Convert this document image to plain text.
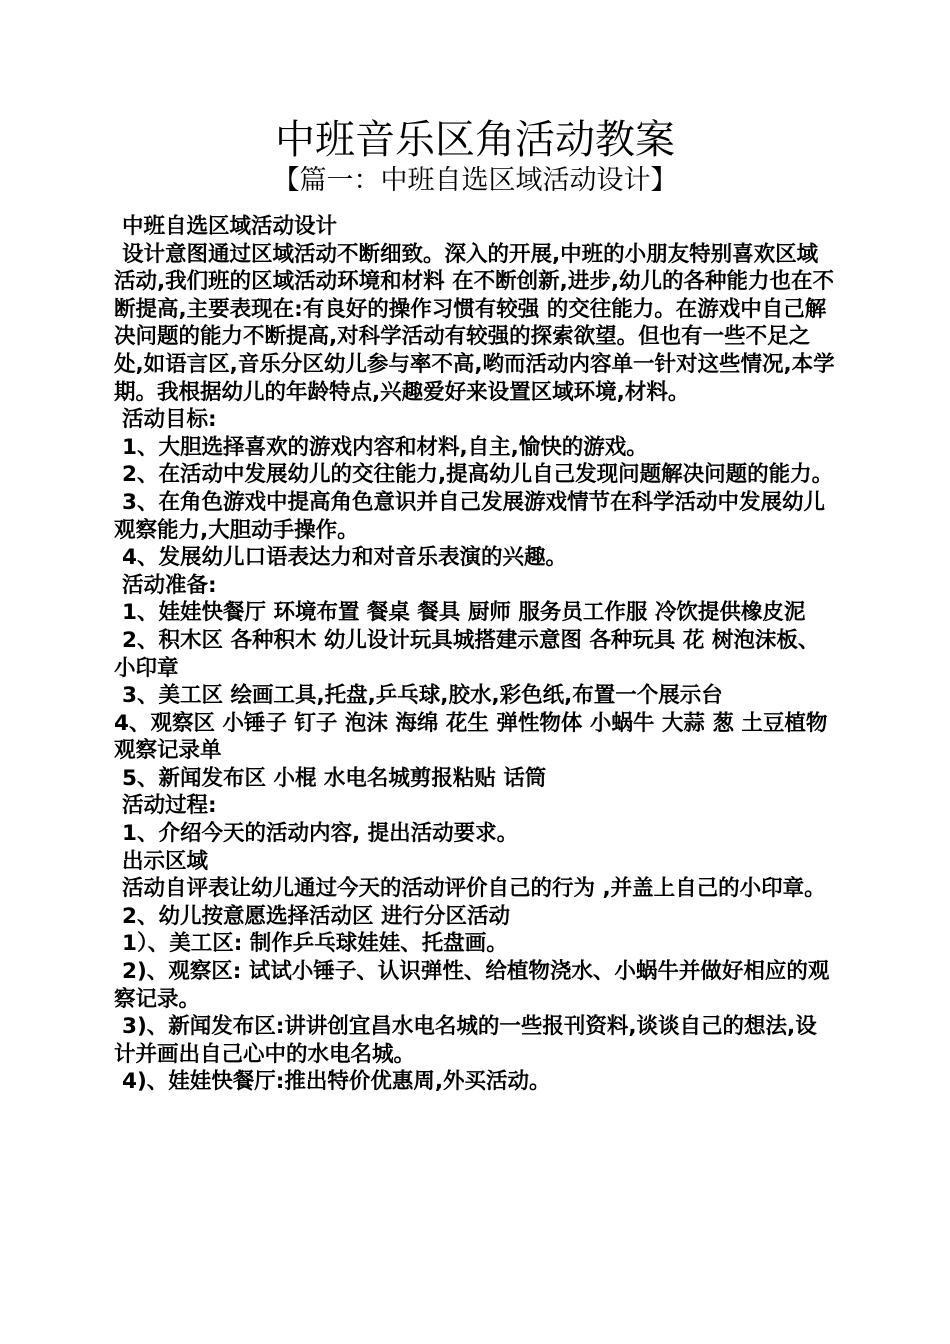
中班音乐区角活动教案
【篇一：中班自选区域活动设计】

中班自选区域活动设计

设计意图通过区域活动不断细致。深入的开展,中班的小朋友特别喜欢区域活动,我们班的区域活动环境和材料 在不断创新,进步,幼儿的各种能力也在不断提高,主要表现在:有良好的操作习惯有较强 的交往能力。在游戏中自己解决问题的能力不断提高,对科学活动有较强的探索欲望。但也有一些不足之处,如语言区,音乐分区幼儿参与率不高,哟而活动内容单一针对这些情况,本学期。我根据幼儿的年龄特点,兴趣爱好来设置区域环境,材料。

活动目标:

1、大胆选择喜欢的游戏内容和材料,自主,愉快的游戏。

2、在活动中发展幼儿的交往能力,提高幼儿自己发现问题解决问题的能力。

3、在角色游戏中提高角色意识并自己发展游戏情节在科学活动中发展幼儿观察能力,大胆动手操作。

4、发展幼儿口语表达力和对音乐表演的兴趣。

活动准备:

1、娃娃快餐厅 环境布置 餐桌 餐具 厨师 服务员工作服 冷饮提供橡皮泥

2、积木区 各种积木 幼儿设计玩具城搭建示意图 各种玩具 花 树泡沫板、小印章

3、美工区 绘画工具,托盘,乒乓球,胶水,彩色纸,布置一个展示台

4、观察区 小锤子 钉子 泡沫 海绵 花生 弹性物体 小蜗牛 大蒜 葱 土豆植物 观察记录单

5、新闻发布区 小棍 水电名城剪报粘贴 话筒

活动过程:

1、介绍今天的活动内容, 提出活动要求。

出示区域

活动自评表让幼儿通过今天的活动评价自己的行为 ,并盖上自己的小印章。

2、幼儿按意愿选择活动区 进行分区活动

1）、美工区: 制作乒乓球娃娃、托盘画。

2)、观察区: 试试小锤子、认识弹性、给植物浇水、小蜗牛并做好相应的观察记录。

3)、新闻发布区:讲讲创宜昌水电名城的一些报刊资料,谈谈自己的想法,设计并画出自己心中的水电名城。

4)、娃娃快餐厅:推出特价优惠周,外买活动。
